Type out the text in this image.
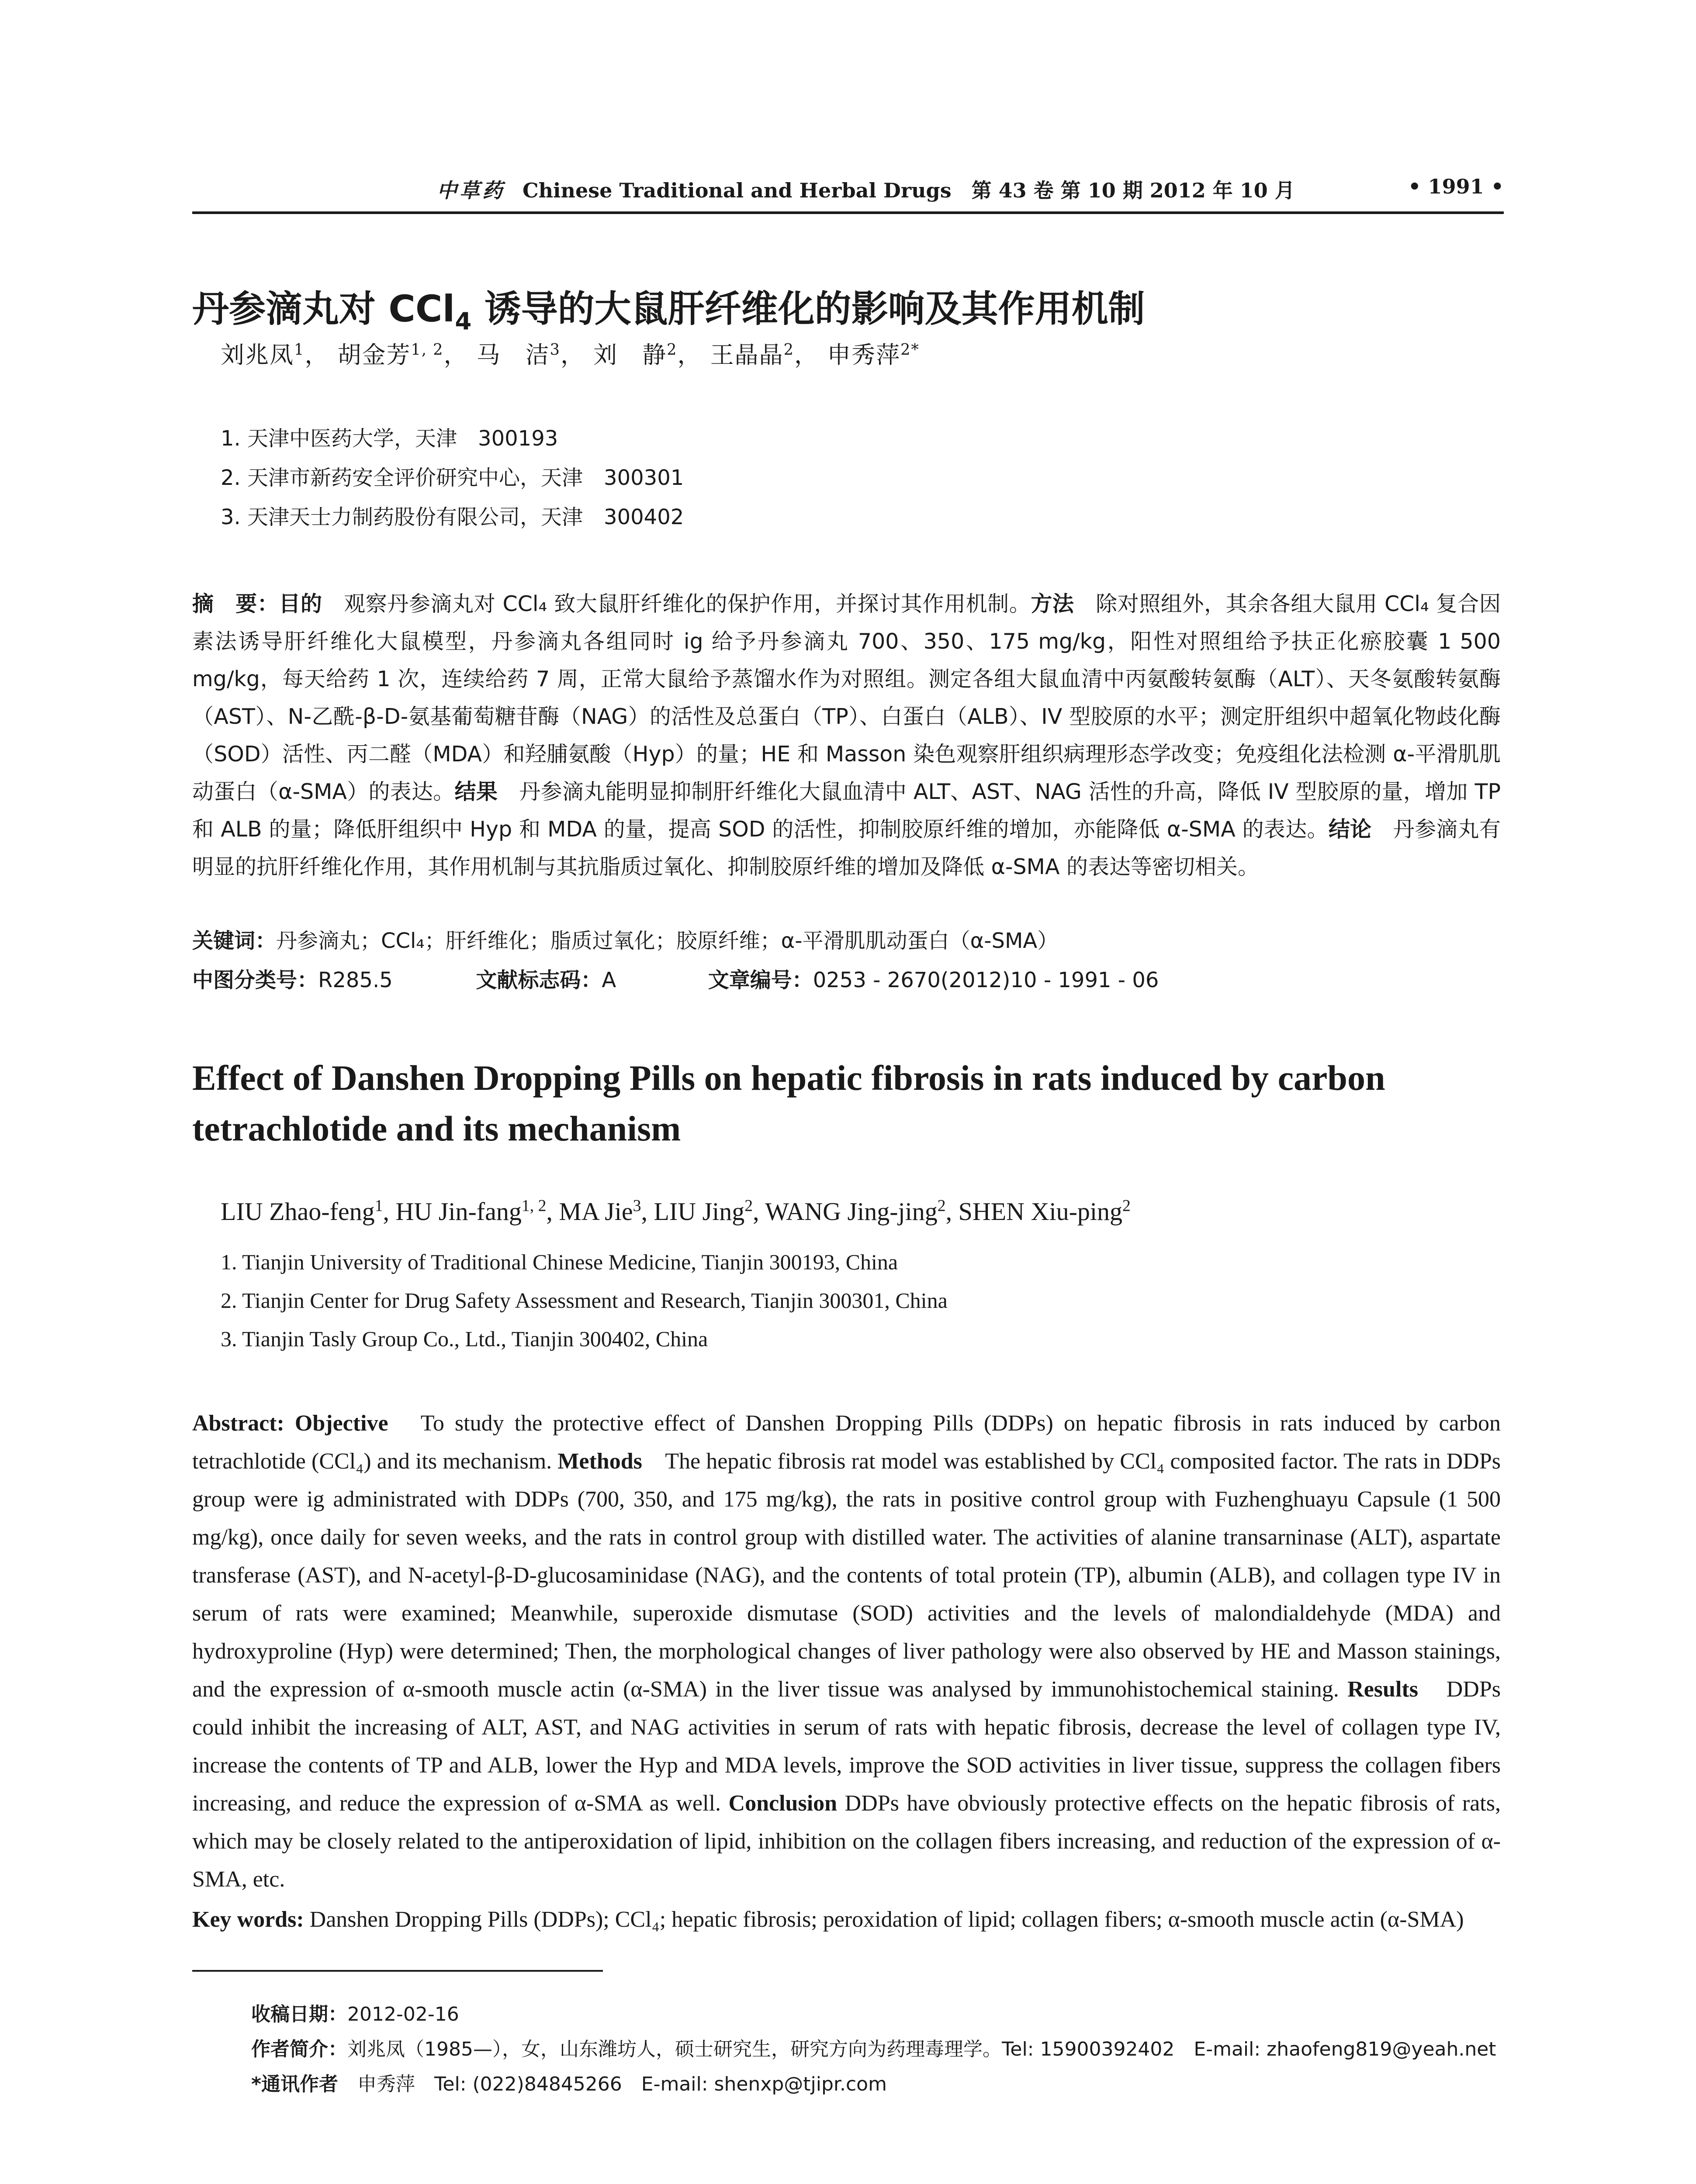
中草药 Chinese Traditional and Herbal Drugs　第 43 卷 第 10 期 2012 年 10 月	• 1991 •
丹参滴丸对 CCl$_4$ 诱导的大鼠肝纤维化的影响及其作用机制
刘兆凤$^1$， 胡金芳$^{1, 2}$， 马　洁$^3$， 刘　静$^2$， 王晶晶$^2$， 申秀萍$^{2*}$
1. 天津中医药大学，天津　300193
2. 天津市新药安全评价研究中心，天津　300301
3. 天津天士力制药股份有限公司，天津　300402
摘　要：目的　观察丹参滴丸对 CCl₄ 致大鼠肝纤维化的保护作用，并探讨其作用机制。方法　除对照组外，其余各组大鼠用 CCl₄ 复合因素法诱导肝纤维化大鼠模型，丹参滴丸各组同时 ig 给予丹参滴丸 700、350、175 mg/kg，阳性对照组给予扶正化瘀胶囊 1 500 mg/kg，每天给药 1 次，连续给药 7 周，正常大鼠给予蒸馏水作为对照组。测定各组大鼠血清中丙氨酸转氨酶（ALT）、天冬氨酸转氨酶（AST）、N-乙酰-β-D-氨基葡萄糖苷酶（NAG）的活性及总蛋白（TP）、白蛋白（ALB）、IV 型胶原的水平；测定肝组织中超氧化物歧化酶（SOD）活性、丙二醛（MDA）和羟脯氨酸（Hyp）的量；HE 和 Masson 染色观察肝组织病理形态学改变；免疫组化法检测 α-平滑肌肌动蛋白（α-SMA）的表达。结果　丹参滴丸能明显抑制肝纤维化大鼠血清中 ALT、AST、NAG 活性的升高，降低 IV 型胶原的量，增加 TP 和 ALB 的量；降低肝组织中 Hyp 和 MDA 的量，提高 SOD 的活性，抑制胶原纤维的增加，亦能降低 α-SMA 的表达。结论　丹参滴丸有明显的抗肝纤维化作用，其作用机制与其抗脂质过氧化、抑制胶原纤维的增加及降低 α-SMA 的表达等密切相关。
关键词：丹参滴丸；CCl₄；肝纤维化；脂质过氧化；胶原纤维；α-平滑肌肌动蛋白（α-SMA）
中图分类号：R285.5	文献标志码：A	文章编号：0253 - 2670(2012)10 - 1991 - 06
Effect of Danshen Dropping Pills on hepatic fibrosis in rats induced by carbon tetrachlotide and its mechanism
LIU Zhao-feng$^1$, HU Jin-fang$^{1, 2}$, MA Jie$^3$, LIU Jing$^2$, WANG Jing-jing$^2$, SHEN Xiu-ping$^2$
1. Tianjin University of Traditional Chinese Medicine, Tianjin 300193, China
2. Tianjin Center for Drug Safety Assessment and Research, Tianjin 300301, China
3. Tianjin Tasly Group Co., Ltd., Tianjin 300402, China
Abstract: Objective　To study the protective effect of Danshen Dropping Pills (DDPs) on hepatic fibrosis in rats induced by carbon tetrachlotide (CCl₄) and its mechanism. Methods　The hepatic fibrosis rat model was established by CCl₄ composited factor. The rats in DDPs group were ig administrated with DDPs (700, 350, and 175 mg/kg), the rats in positive control group with Fuzhenghuayu Capsule (1 500 mg/kg), once daily for seven weeks, and the rats in control group with distilled water. The activities of alanine transarninase (ALT), aspartate transferase (AST), and N-acetyl-β-D-glucosaminidase (NAG), and the contents of total protein (TP), albumin (ALB), and collagen type IV in serum of rats were examined; Meanwhile, superoxide dismutase (SOD) activities and the levels of malondialdehyde (MDA) and hydroxyproline (Hyp) were determined; Then, the morphological changes of liver pathology were also observed by HE and Masson stainings, and the expression of α-smooth muscle actin (α-SMA) in the liver tissue was analysed by immunohistochemical staining. Results　DDPs could inhibit the increasing of ALT, AST, and NAG activities in serum of rats with hepatic fibrosis, decrease the level of collagen type IV, increase the contents of TP and ALB, lower the Hyp and MDA levels, improve the SOD activities in liver tissue, suppress the collagen fibers increasing, and reduce the expression of α-SMA as well. Conclusion DDPs have obviously protective effects on the hepatic fibrosis of rats, which may be closely related to the antiperoxidation of lipid, inhibition on the collagen fibers increasing, and reduction of the expression of α-SMA, etc.
Key words: Danshen Dropping Pills (DDPs); CCl₄; hepatic fibrosis; peroxidation of lipid; collagen fibers; α-smooth muscle actin (α-SMA)
收稿日期：2012-02-16
作者简介：刘兆凤（1985—），女，山东潍坊人，硕士研究生，研究方向为药理毒理学。Tel: 15900392402　E-mail: zhaofeng819@yeah.net
*通讯作者　申秀萍　Tel: (022)84845266　E-mail: shenxp@tjipr.com
